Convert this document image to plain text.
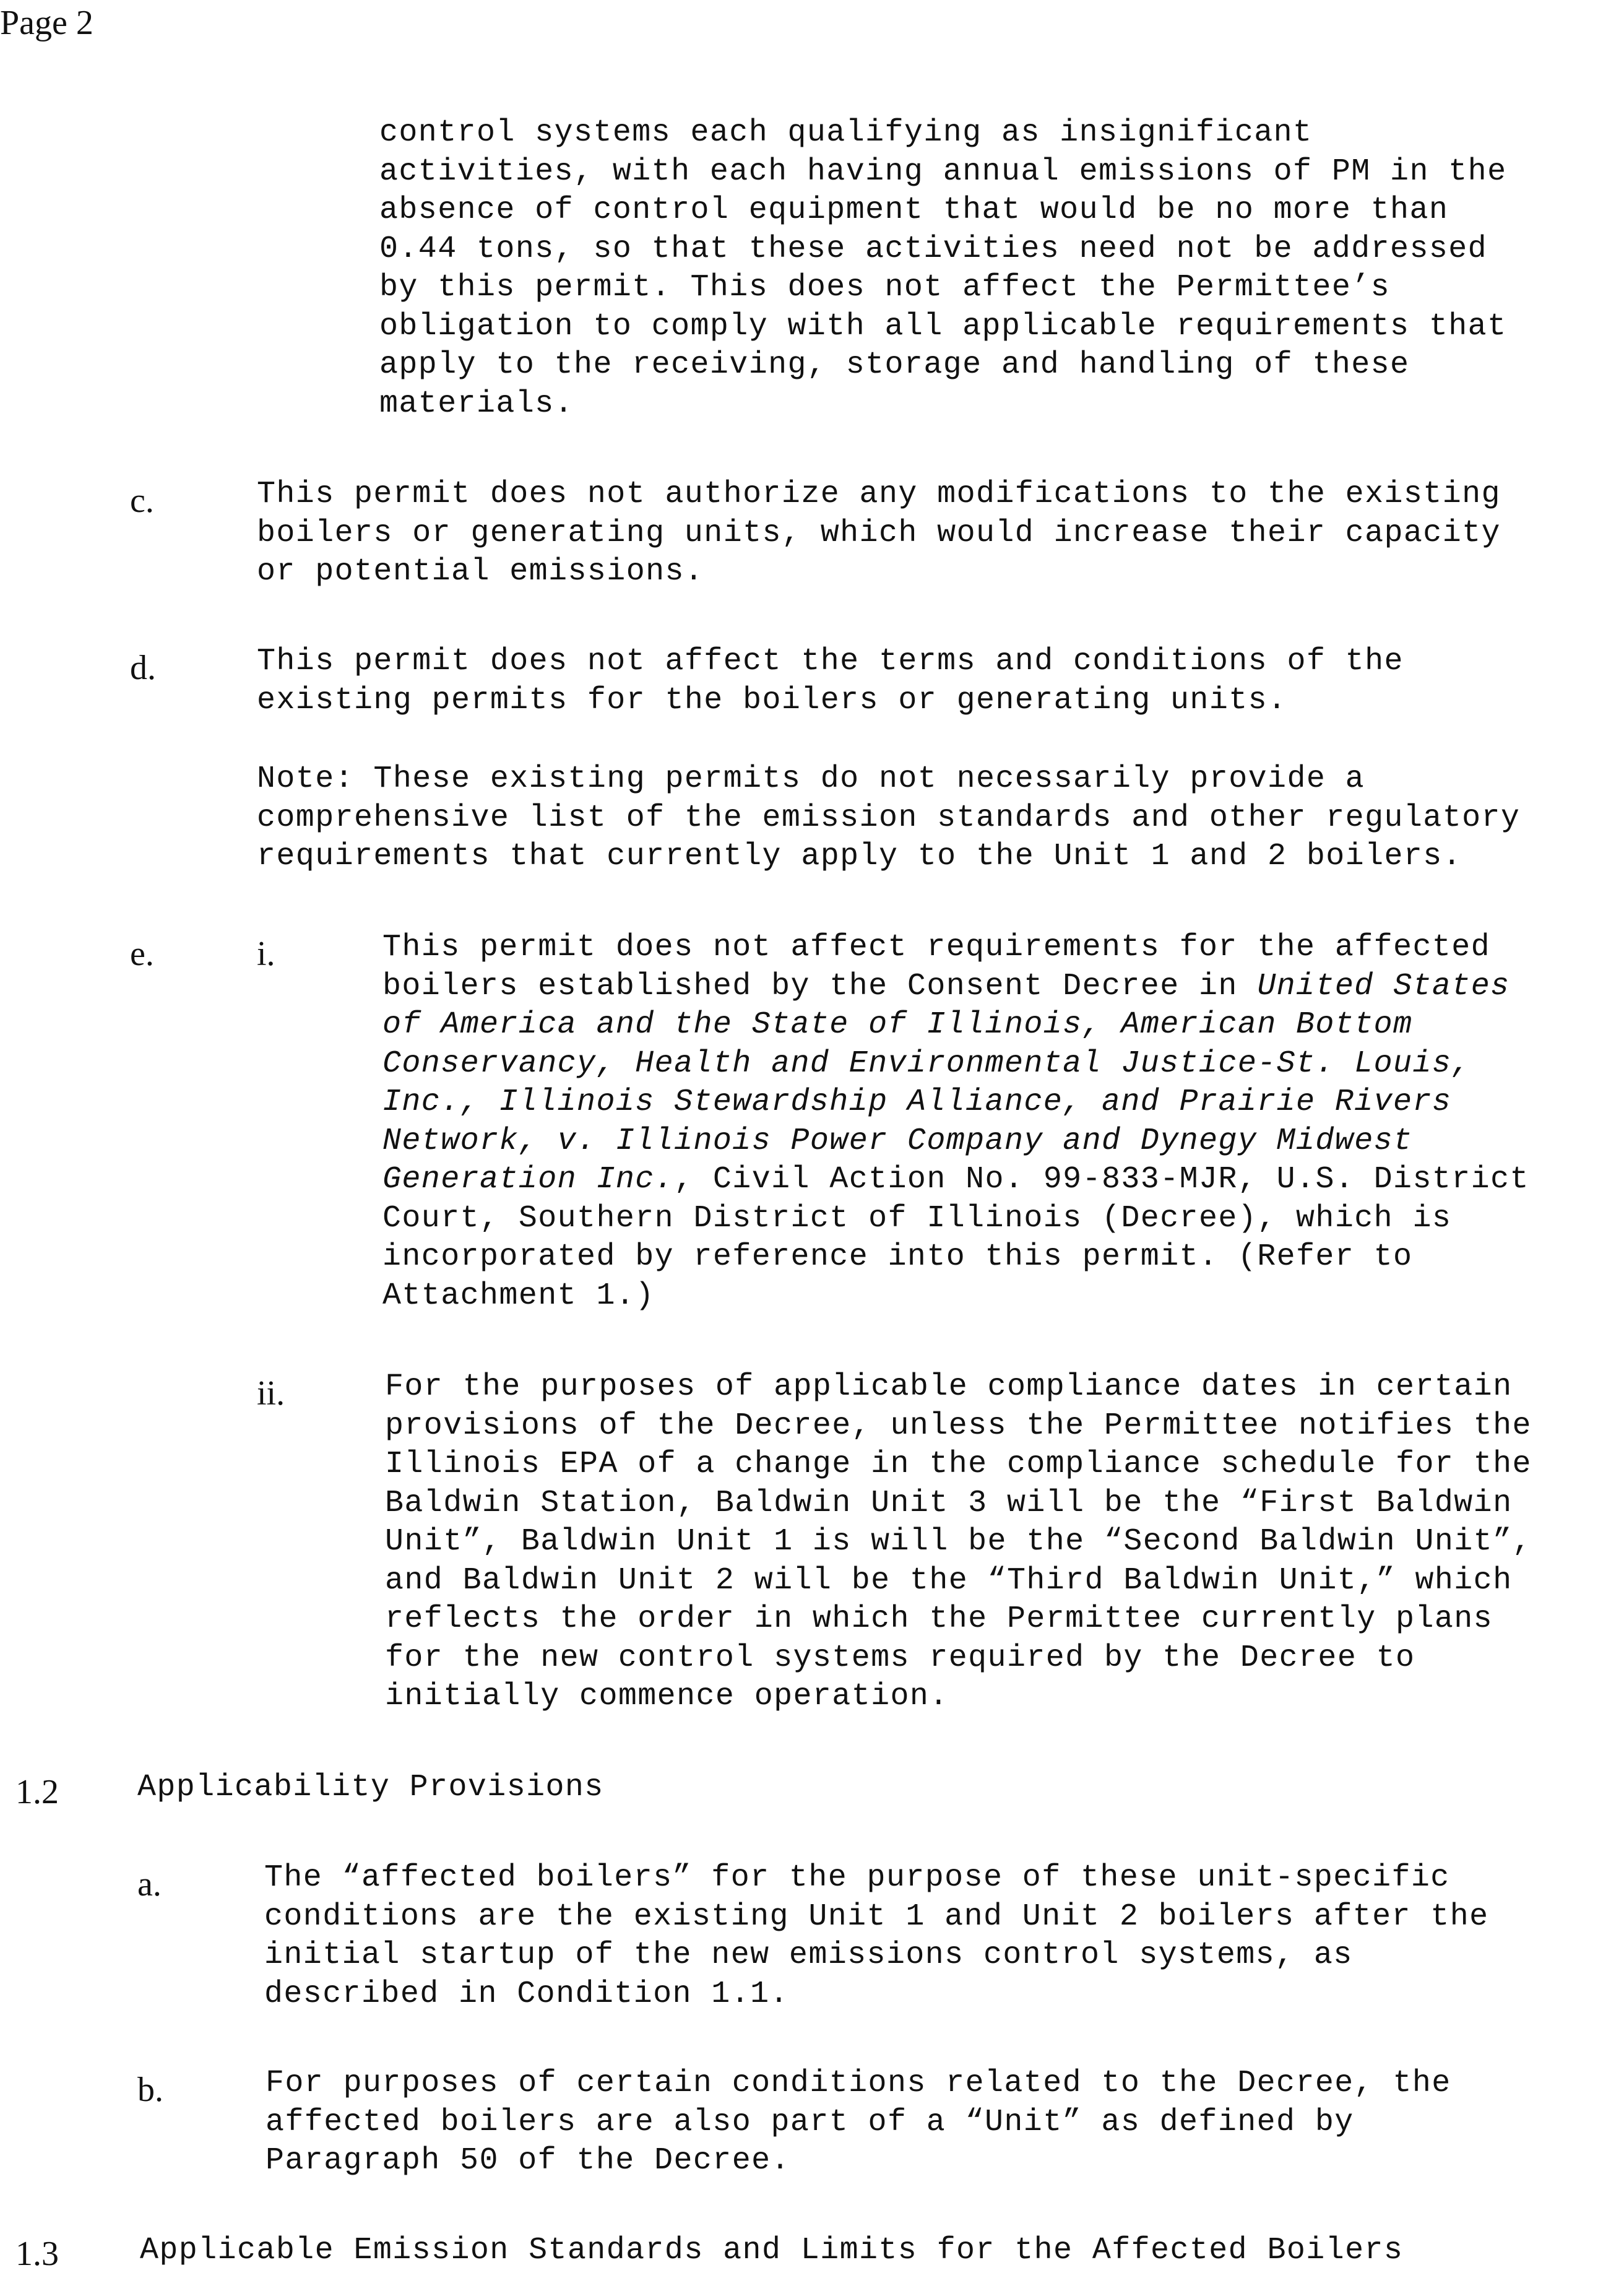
Page 2
control systems each qualifying as insignificant
activities, with each having annual emissions of PM in the
absence of control equipment that would be no more than
0.44 tons, so that these activities need not be addressed
by this permit. This does not affect the Permittee’s
obligation to comply with all applicable requirements that
apply to the receiving, storage and handling of these
materials.
c.	This permit does not authorize any modifications to the existing
boilers or generating units, which would increase their capacity
or potential emissions.
d.	This permit does not affect the terms and conditions of the
existing permits for the boilers or generating units.
Note: These existing permits do not necessarily provide a
comprehensive list of the emission standards and other regulatory
requirements that currently apply to the Unit 1 and 2 boilers.
e.	i.	This permit does not affect requirements for the affected
boilers established by the Consent Decree in United States
of America and the State of Illinois, American Bottom
Conservancy, Health and Environmental Justice-St. Louis,
Inc., Illinois Stewardship Alliance, and Prairie Rivers
Network, v. Illinois Power Company and Dynegy Midwest
Generation Inc., Civil Action No. 99-833-MJR, U.S. District
Court, Southern District of Illinois (Decree), which is
incorporated by reference into this permit. (Refer to
Attachment 1.)
ii.	For the purposes of applicable compliance dates in certain
provisions of the Decree, unless the Permittee notifies the
Illinois EPA of a change in the compliance schedule for the
Baldwin Station, Baldwin Unit 3 will be the “First Baldwin
Unit”, Baldwin Unit 1 is will be the “Second Baldwin Unit”,
and Baldwin Unit 2 will be the “Third Baldwin Unit,” which
reflects the order in which the Permittee currently plans
for the new control systems required by the Decree to
initially commence operation.
1.2	Applicability Provisions
a.	The “affected boilers” for the purpose of these unit-specific
conditions are the existing Unit 1 and Unit 2 boilers after the
initial startup of the new emissions control systems, as
described in Condition 1.1.
b.	For purposes of certain conditions related to the Decree, the
affected boilers are also part of a “Unit” as defined by
Paragraph 50 of the Decree.
1.3	Applicable Emission Standards and Limits for the Affected Boilers
